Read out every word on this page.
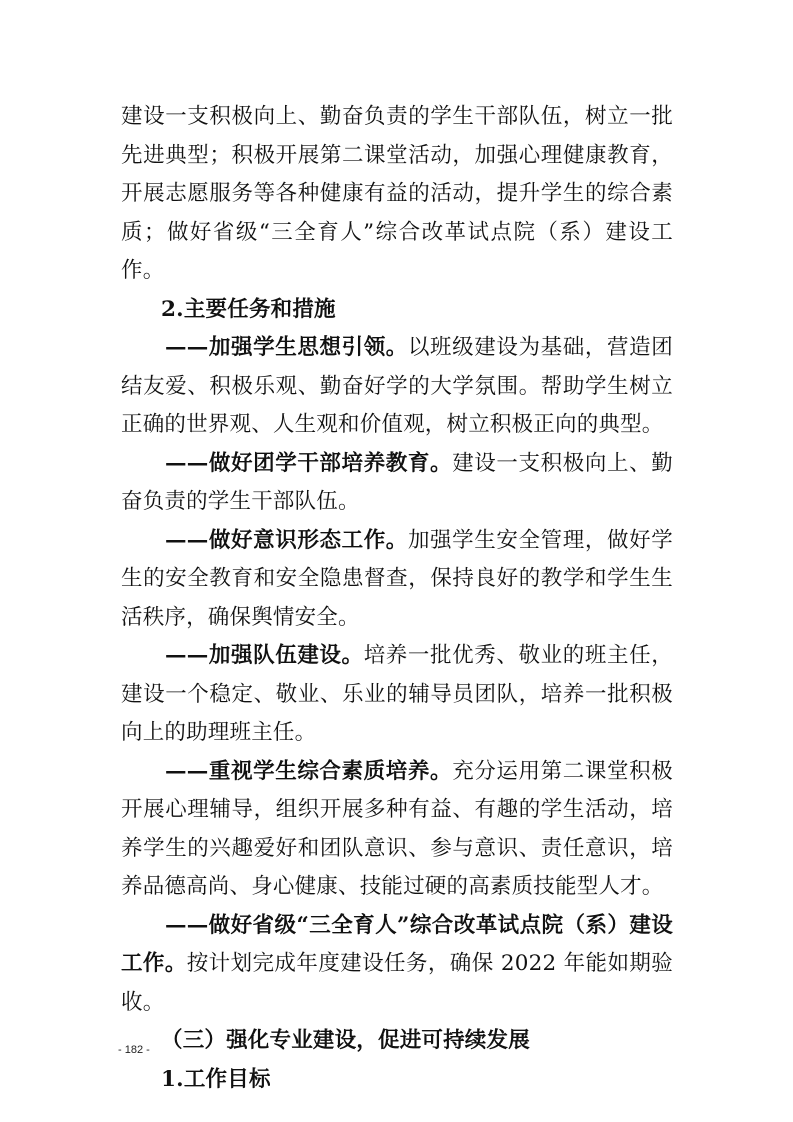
建设一支积极向上、勤奋负责的学生干部队伍，树立一批先进典型；积极开展第二课堂活动，加强心理健康教育，开展志愿服务等各种健康有益的活动，提升学生的综合素质；做好省级“三全育人”综合改革试点院（系）建设工作。

2.主要任务和措施

——加强学生思想引领。以班级建设为基础，营造团结友爱、积极乐观、勤奋好学的大学氛围。帮助学生树立正确的世界观、人生观和价值观，树立积极正向的典型。

——做好团学干部培养教育。建设一支积极向上、勤奋负责的学生干部队伍。

——做好意识形态工作。加强学生安全管理，做好学生的安全教育和安全隐患督查，保持良好的教学和学生生活秩序，确保舆情安全。

——加强队伍建设。培养一批优秀、敬业的班主任，建设一个稳定、敬业、乐业的辅导员团队，培养一批积极向上的助理班主任。

——重视学生综合素质培养。充分运用第二课堂积极开展心理辅导，组织开展多种有益、有趣的学生活动，培养学生的兴趣爱好和团队意识、参与意识、责任意识，培养品德高尚、身心健康、技能过硬的高素质技能型人才。

——做好省级“三全育人”综合改革试点院（系）建设工作。按计划完成年度建设任务，确保 2022 年能如期验收。

（三）强化专业建设，促进可持续发展

1.工作目标

- 182 -
